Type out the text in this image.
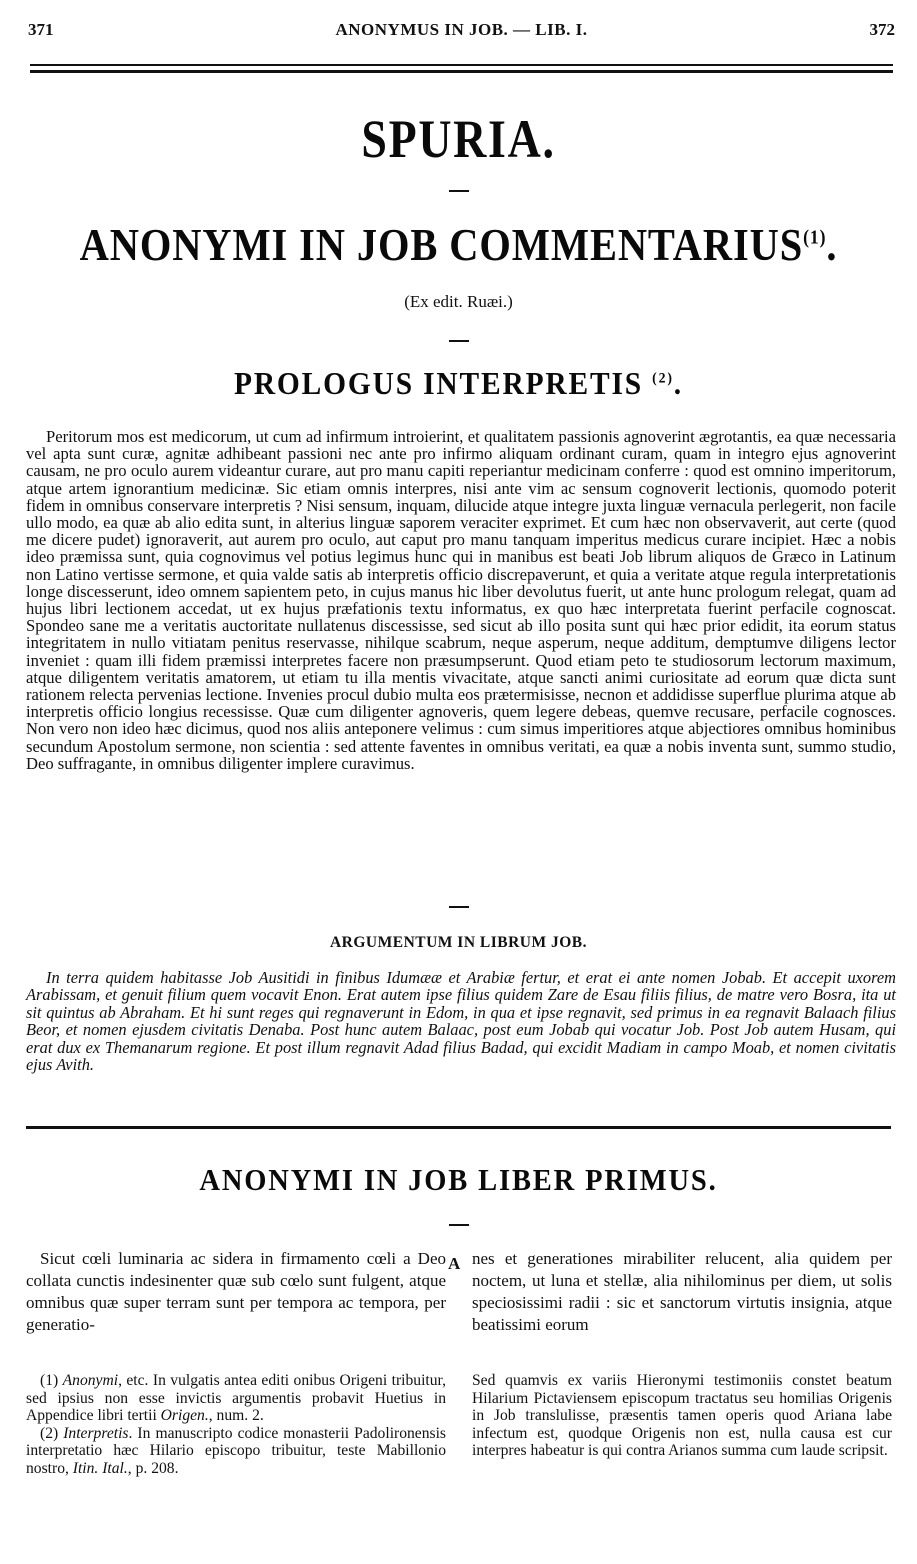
371	ANONYMUS IN JOB. — LIB. I.	372
SPURIA.
ANONYMI IN JOB COMMENTARIUS$^{(1)}$.
(Ex edit. Ruæi.)
PROLOGUS INTERPRETIS $^{(2)}$.
Peritorum mos est medicorum, ut cum ad infirmum introierint, et qualitatem passionis agnoverint ægrotantis, ea quæ necessaria vel apta sunt curæ, agnitæ adhibeant passioni nec ante pro infirmo aliquam ordinant curam, quam in integro ejus agnoverint causam, ne pro oculo aurem videantur curare, aut pro manu capiti reperiantur medicinam conferre : quod est omnino imperitorum, atque artem ignorantium medicinæ. Sic etiam omnis interpres, nisi ante vim ac sensum cognoverit lectionis, quomodo poterit fidem in omnibus conservare interpretis ? Nisi sensum, inquam, dilucide atque integre juxta linguæ vernacula perlegerit, non facile ullo modo, ea quæ ab alio edita sunt, in alterius linguæ saporem veraciter exprimet. Et cum hæc non observaverit, aut certe (quod me dicere pudet) ignoraverit, aut aurem pro oculo, aut caput pro manu tanquam imperitus medicus curare incipiet. Hæc a nobis ideo præmissa sunt, quia cognovimus vel potius legimus hunc qui in manibus est beati Job librum aliquos de Græco in Latinum non Latino vertisse sermone, et quia valde satis ab interpretis officio discrepaverunt, et quia a veritate atque regula interpretationis longe discesserunt, ideo omnem sapientem peto, in cujus manus hic liber devolutus fuerit, ut ante hunc prologum relegat, quam ad hujus libri lectionem accedat, ut ex hujus præfationis textu informatus, ex quo hæc interpretata fuerint perfacile cognoscat. Spondeo sane me a veritatis auctoritate nullatenus discessisse, sed sicut ab illo posita sunt qui hæc prior edidit, ita eorum status integritatem in nullo vitiatam penitus reservasse, nihilque scabrum, neque asperum, neque additum, demptumve diligens lector inveniet : quam illi fidem præmissi interpretes facere non præsumpserunt. Quod etiam peto te studiosorum lectorum maximum, atque diligentem veritatis amatorem, ut etiam tu illa mentis vivacitate, atque sancti animi curiositate ad eorum quæ dicta sunt rationem relecta pervenias lectione. Invenies procul dubio multa eos prætermisisse, necnon et addidisse superflue plurima atque ab interpretis officio longius recessisse. Quæ cum diligenter agnoveris, quem legere debeas, quemve recusare, perfacile cognosces. Non vero non ideo hæc dicimus, quod nos aliis anteponere velimus : cum simus imperitiores atque abjectiores omnibus hominibus secundum Apostolum sermone, non scientia : sed attente faventes in omnibus veritati, ea quæ a nobis inventa sunt, summo studio, Deo suffragante, in omnibus diligenter implere curavimus.
ARGUMENTUM IN LIBRUM JOB.
In terra quidem habitasse Job Ausitidi in finibus Idumææ et Arabiæ fertur, et erat ei ante nomen Jobab. Et accepit uxorem Arabissam, et genuit filium quem vocavit Enon. Erat autem ipse filius quidem Zare de Esau filiis filius, de matre vero Bosra, ita ut sit quintus ab Abraham. Et hi sunt reges qui regnaverunt in Edom, in qua et ipse regnavit, sed primus in ea regnavit Balaach filius Beor, et nomen ejusdem civitatis Denaba. Post hunc autem Balaac, post eum Jobab qui vocatur Job. Post Job autem Husam, qui erat dux ex Themanarum regione. Et post illum regnavit Adad filius Badad, qui excidit Madiam in campo Moab, et nomen civitatis ejus Avith.
ANONYMI IN JOB LIBER PRIMUS.
Sicut cœli luminaria ac sidera in firmamento cœli a Deo collata cunctis indesinenter quæ sub cœlo sunt fulgent, atque omnibus quæ super terram sunt per tempora ac tempora, per generatio-
A nes et generationes mirabiliter relucent, alia quidem per noctem, ut luna et stellæ, alia nihilominus per diem, ut solis speciosissimi radii : sic et sanctorum virtutis insignia, atque beatissimi eorum

(1) Anonymi, etc. In vulgatis antea editi onibus Origeni tribuitur, sed ipsius non esse invictis argumentis probavit Huetius in Appendice libri tertii Origen., num. 2.

(2) Interpretis. In manuscripto codice monasterii Padolironensis interpretatio hæc Hilario episcopo tribuitur, teste Mabillonio nostro, Itin. Ital., p. 208.

Sed quamvis ex variis Hieronymi testimoniis constet beatum Hilarium Pictaviensem episcopum tractatus seu homilias Origenis in Job translulisse, præsentis tamen operis quod Ariana labe infectum est, quodque Origenis non est, nulla causa est cur interpres habeatur is qui contra Arianos summa cum laude scripsit.
